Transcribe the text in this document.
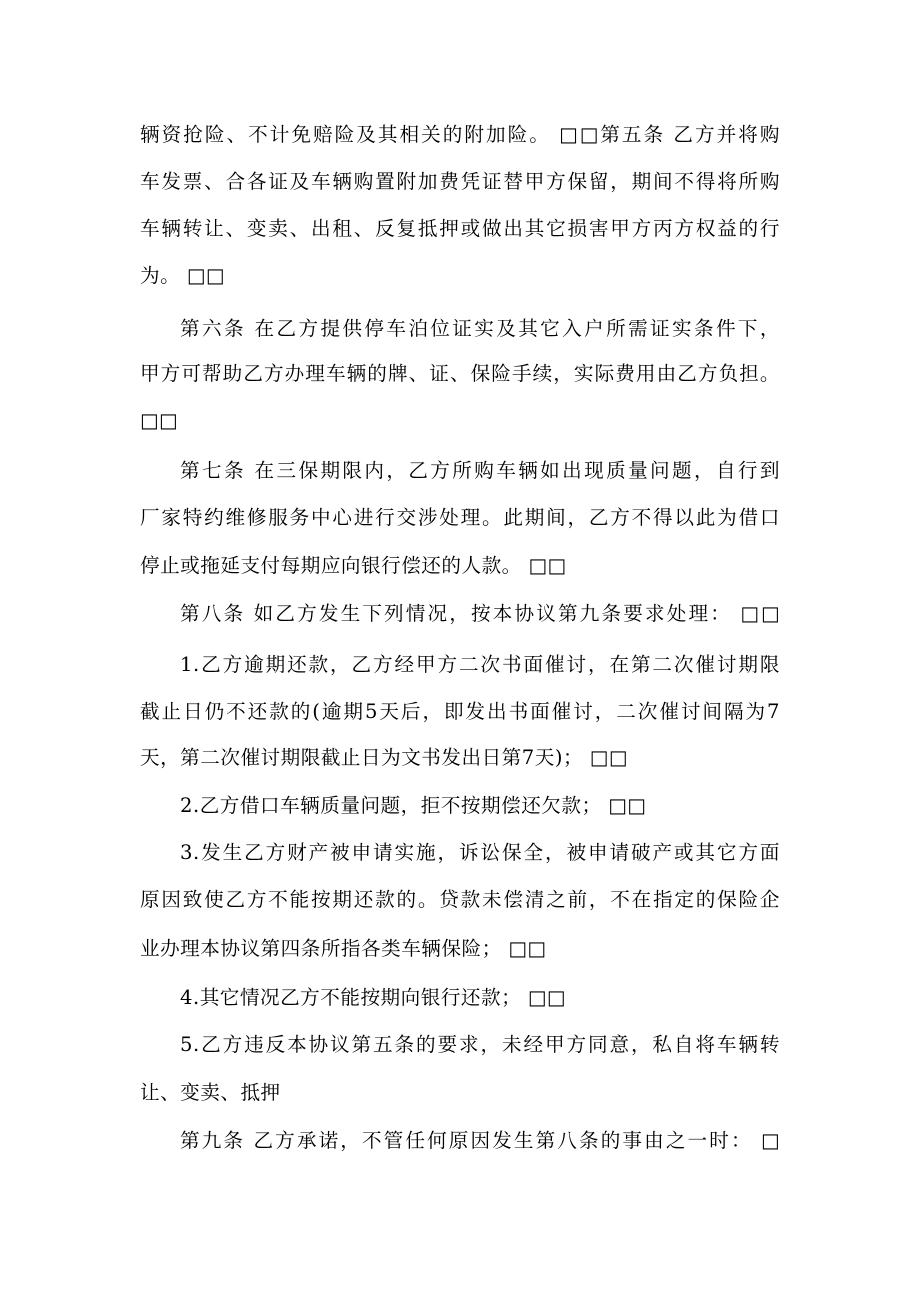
辆资抢险、不计免赔险及其相关的附加险。 □□第五条 乙方并将购
车发票、合各证及车辆购置附加费凭证替甲方保留，期间不得将所购
车辆转让、变卖、出租、反复抵押或做出其它损害甲方丙方权益的行
为。 □□
第六条 在乙方提供停车泊位证实及其它入户所需证实条件下，
甲方可帮助乙方办理车辆的牌、证、保险手续，实际费用由乙方负担。
□□
第七条 在三保期限内，乙方所购车辆如出现质量问题，自行到
厂家特约维修服务中心进行交涉处理。此期间，乙方不得以此为借口
停止或拖延支付每期应向银行偿还的人款。 □□
第八条 如乙方发生下列情况，按本协议第九条要求处理： □□
1.乙方逾期还款，乙方经甲方二次书面催讨，在第二次催讨期限
截止日仍不还款的(逾期5天后，即发出书面催讨，二次催讨间隔为7
天，第二次催讨期限截止日为文书发出日第7天)； □□
2.乙方借口车辆质量问题，拒不按期偿还欠款； □□
3.发生乙方财产被申请实施，诉讼保全，被申请破产或其它方面
原因致使乙方不能按期还款的。贷款未偿清之前，不在指定的保险企
业办理本协议第四条所指各类车辆保险； □□
4.其它情况乙方不能按期向银行还款； □□
5.乙方违反本协议第五条的要求，未经甲方同意，私自将车辆转
让、变卖、抵押
第九条 乙方承诺，不管任何原因发生第八条的事由之一时： □
